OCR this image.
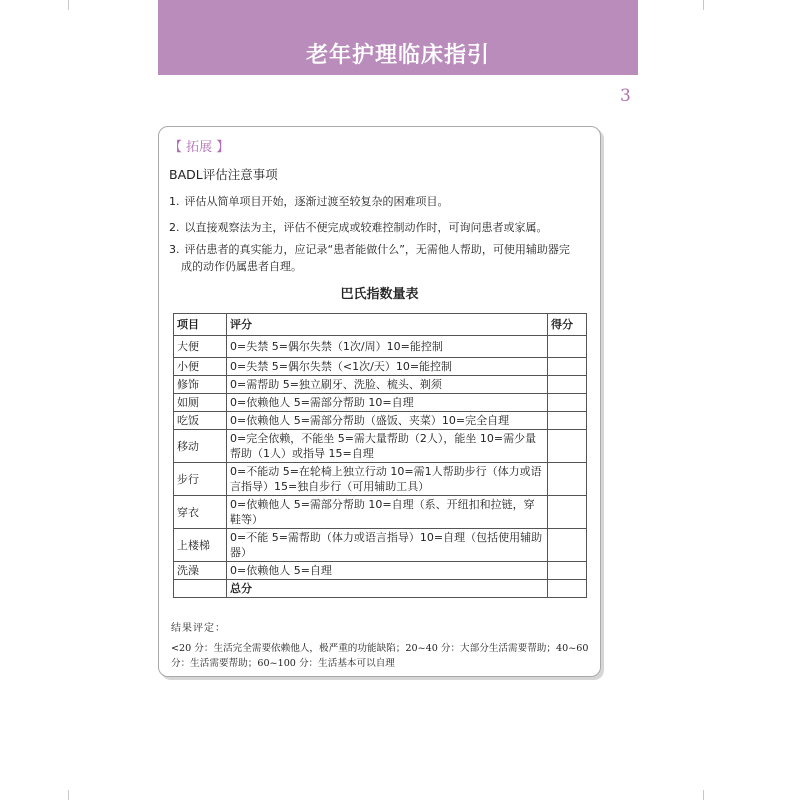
老年护理临床指引
3
【 拓展 】
BADL评估注意事项
1. 评估从简单项目开始，逐渐过渡至较复杂的困难项目。
2. 以直接观察法为主，评估不便完成或较难控制动作时，可询问患者或家属。
3. 评估患者的真实能力，应记录“患者能做什么”，无需他人帮助，可使用辅助器完
成的动作仍属患者自理。
巴氏指数量表
项目	评分	得分
大便	0=失禁 5=偶尔失禁（1次/周）10=能控制	
小便	0=失禁 5=偶尔失禁（<1次/天）10=能控制	
修饰	0=需帮助 5=独立刷牙、洗脸、梳头、剃须	
如厕	0=依赖他人 5=需部分帮助 10=自理	
吃饭	0=依赖他人 5=需部分帮助（盛饭、夹菜）10=完全自理	
移动	0=完全依赖，不能坐 5=需大量帮助（2人），能坐 10=需少量帮助（1人）或指导 15=自理	
步行	0=不能动 5=在轮椅上独立行动 10=需1人帮助步行（体力或语言指导）15=独自步行（可用辅助工具）	
穿衣	0=依赖他人 5=需部分帮助 10=自理（系、开纽扣和拉链，穿鞋等）	
上楼梯	0=不能 5=需帮助（体力或语言指导）10=自理（包括使用辅助器）	
洗澡	0=依赖他人 5=自理	
	总分	
结果评定：
<20 分：生活完全需要依赖他人，极严重的功能缺陷；20~40 分：大部分生活需要帮助；40~60 分：生活需要帮助；60~100 分：生活基本可以自理
